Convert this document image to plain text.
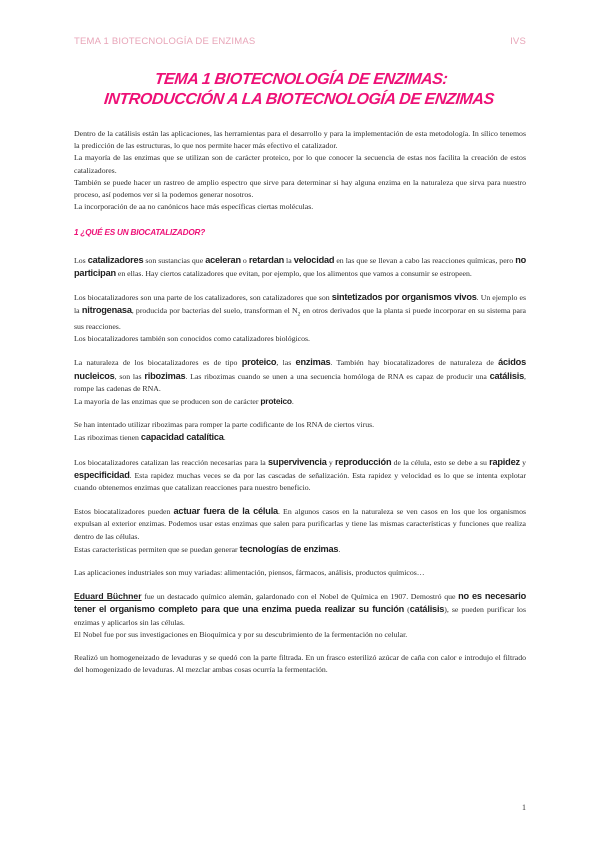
TEMA 1 BIOTECNOLOGÍA DE ENZIMAS	IVS
TEMA 1 BIOTECNOLOGÍA DE ENZIMAS:
INTRODUCCIÓN A LA BIOTECNOLOGÍA DE ENZIMAS

Dentro de la catálisis están las aplicaciones, las herramientas para el desarrollo y para la implementación de esta metodología. In sílico tenemos la predicción de las estructuras, lo que nos permite hacer más efectivo el catalizador.

La mayoría de las enzimas que se utilizan son de carácter proteico, por lo que conocer la secuencia de estas nos facilita la creación de estos catalizadores.

También se puede hacer un rastreo de amplio espectro que sirve para determinar si hay alguna enzima en la naturaleza que sirva para nuestro proceso, así podemos ver si la podemos generar nosotros.

La incorporación de aa no canónicos hace más específicas ciertas moléculas.

1 ¿QUÉ ES UN BIOCATALIZADOR?

Los catalizadores son sustancias que aceleran o retardan la velocidad en las que se llevan a cabo las reacciones químicas, pero no participan en ellas. Hay ciertos catalizadores que evitan, por ejemplo, que los alimentos que vamos a consumir se estropeen.

Los biocatalizadores son una parte de los catalizadores, son catalizadores que son sintetizados por organismos vivos. Un ejemplo es la nitrogenasa, producida por bacterias del suelo, transforman el $N_2$ en otros derivados que la planta si puede incorporar en su sistema para sus reacciones.

Los biocatalizadores también son conocidos como catalizadores biológicos.

La naturaleza de los biocatalizadores es de tipo proteico, las enzimas. También hay biocatalizadores de naturaleza de ácidos nucleicos, son las ribozimas. Las ribozimas cuando se unen a una secuencia homóloga de RNA es capaz de producir una catálisis, rompe las cadenas de RNA.

La mayoría de las enzimas que se producen son de carácter proteico.

Se han intentado utilizar ribozimas para romper la parte codificante de los RNA de ciertos virus.

Las ribozimas tienen capacidad catalítica.

Los biocatalizadores catalizan las reacción necesarias para la supervivencia y reproducción de la célula, esto se debe a su rapidez y especificidad. Esta rapidez muchas veces se da por las cascadas de señalización. Esta rapidez y velocidad es lo que se intenta explotar cuando obtenemos enzimas que catalizan reacciones para nuestro beneficio.

Estos biocatalizadores pueden actuar fuera de la célula. En algunos casos en la naturaleza se ven casos en los que los organismos expulsan al exterior enzimas. Podemos usar estas enzimas que salen para purificarlas y tiene las mismas características y funciones que realiza dentro de las células.

Estas características permiten que se puedan generar tecnologías de enzimas.

Las aplicaciones industriales son muy variadas: alimentación, piensos, fármacos, análisis, productos químicos…

Eduard Büchner fue un destacado químico alemán, galardonado con el Nobel de Química en 1907. Demostró que no es necesario tener el organismo completo para que una enzima pueda realizar su función (catálisis), se pueden purificar los enzimas y aplicarlos sin las células.

El Nobel fue por sus investigaciones en Bioquímica y por su descubrimiento de la fermentación no celular.

Realizó un homogeneizado de levaduras y se quedó con la parte filtrada. En un frasco esterilizó azúcar de caña con calor e introdujo el filtrado del homogenizado de levaduras. Al mezclar ambas cosas ocurría la fermentación.

1
